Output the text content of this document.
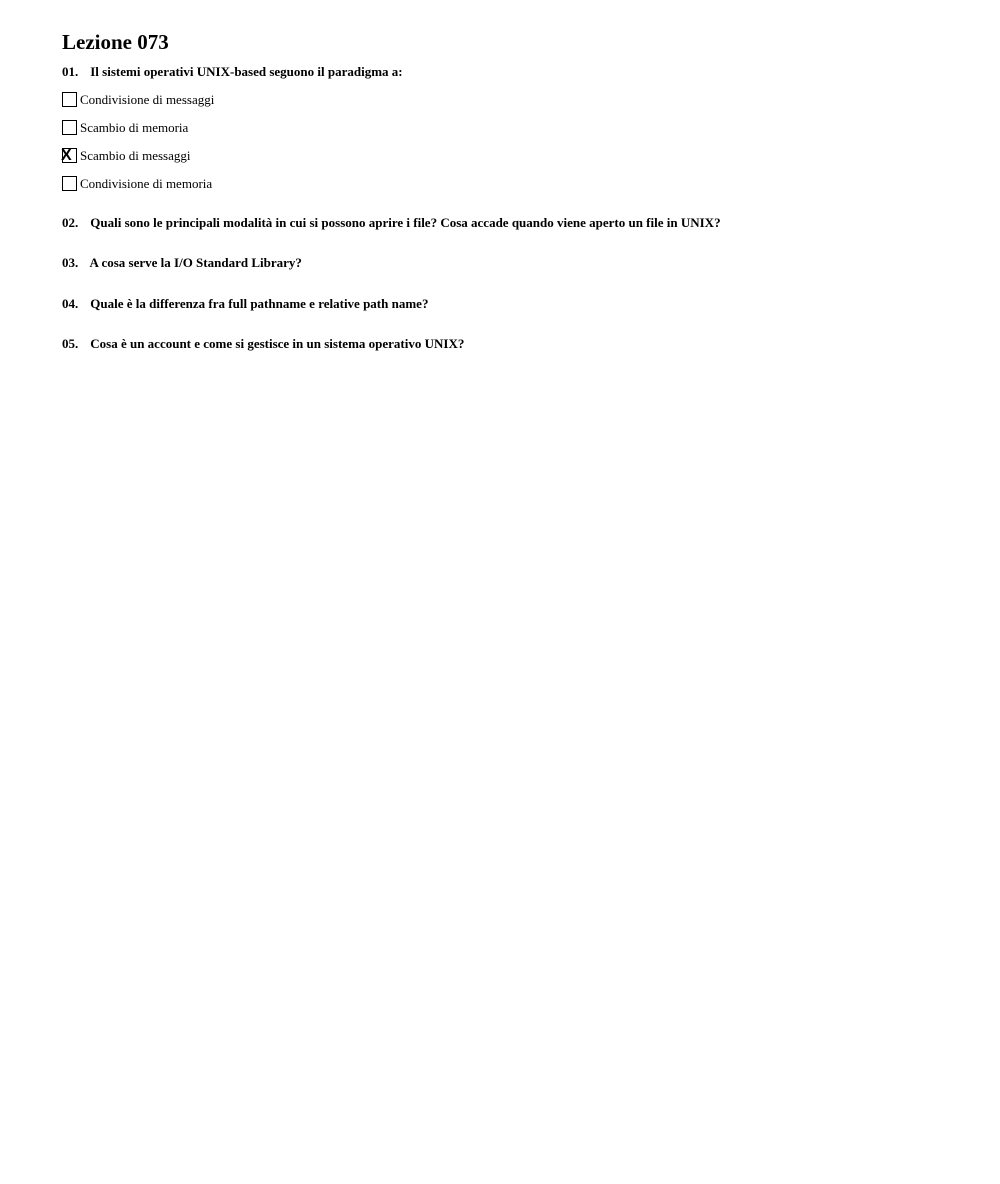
Lezione 073
01. Il sistemi operativi UNIX-based seguono il paradigma a:
Condivisione di messaggi
Scambio di memoria
X Scambio di messaggi
Condivisione di memoria
02. Quali sono le principali modalità in cui si possono aprire i file? Cosa accade quando viene aperto un file in UNIX?
03. A cosa serve la I/O Standard Library?
04. Quale è la differenza fra full pathname e relative path name?
05. Cosa è un account e come si gestisce in un sistema operativo UNIX?
